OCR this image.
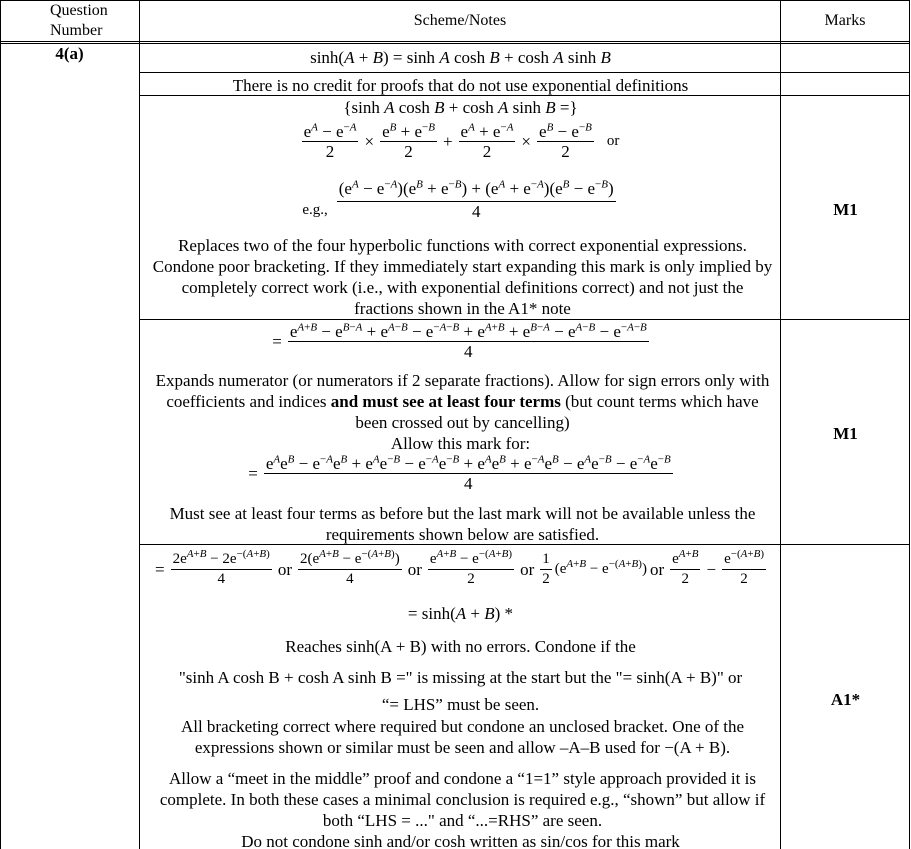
Question Number
Scheme/Notes	Marks
4(a)	sinh(A + B) = sinh A cosh B + cosh A sinh B
There is no credit for proofs that do not use exponential definitions
{sinh A cosh B + cosh A sinh B =}
$\frac{e^A - e^{-A}}{2} \times \frac{e^B + e^{-B}}{2} + \frac{e^A + e^{-A}}{2} \times \frac{e^B - e^{-B}}{2}$ or
e.g., $\frac{(e^A - e^{-A})(e^B + e^{-B}) + (e^A + e^{-A})(e^B - e^{-B})}{4}$
Replaces two of the four hyperbolic functions with correct exponential expressions. Condone poor bracketing. If they immediately start expanding this mark is only implied by completely correct work (i.e., with exponential definitions correct) and not just the fractions shown in the A1* note
M1
= $\frac{e^{A+B} - e^{B-A} + e^{A-B} - e^{-A-B} + e^{A+B} + e^{B-A} - e^{A-B} - e^{-A-B}}{4}$
Expands numerator (or numerators if 2 separate fractions). Allow for sign errors only with coefficients and indices and must see at least four terms (but count terms which have been crossed out by cancelling)
Allow this mark for:
=
$e^Ae^B - e^{-A}e^B + e^Ae^{-B} - e^{-A}e^{-B} + e^Ae^B + e^{-A}e^B - e^Ae^{-B} - e^{-A}e^{-B}$
4
Must see at least four terms as before but the last mark will not be available unless the requirements shown below are satisfied.
M1
= $\frac{2e^{A+B} - 2e^{-(A+B)}}{4}$ or $\frac{2(e^{A+B} - e^{-(A+B)})}{4}$ or $\frac{e^{A+B} - e^{-(A+B)}}{2}$ or $\frac{1}{2} (e^{A+B} - e^{-(A+B)})$ or $\frac{e^{A+B}}{2} - \frac{e^{-(A+B)}}{2}$
= sinh(A + B) *
Reaches sinh(A + B) with no errors. Condone if the
"sinh A cosh B + cosh A sinh B =" is missing at the start but the "= sinh(A + B)" or
“= LHS” must be seen.
All bracketing correct where required but condone an unclosed bracket. One of the expressions shown or similar must be seen and allow –A–B used for −(A + B).
Allow a “meet in the middle” proof and condone a “1=1” style approach provided it is complete. In both these cases a minimal conclusion is required e.g., “shown” but allow if both “LHS = ..." and “...=RHS” are seen.
Do not condone sinh and/or cosh written as sin/cos for this mark
A1*
